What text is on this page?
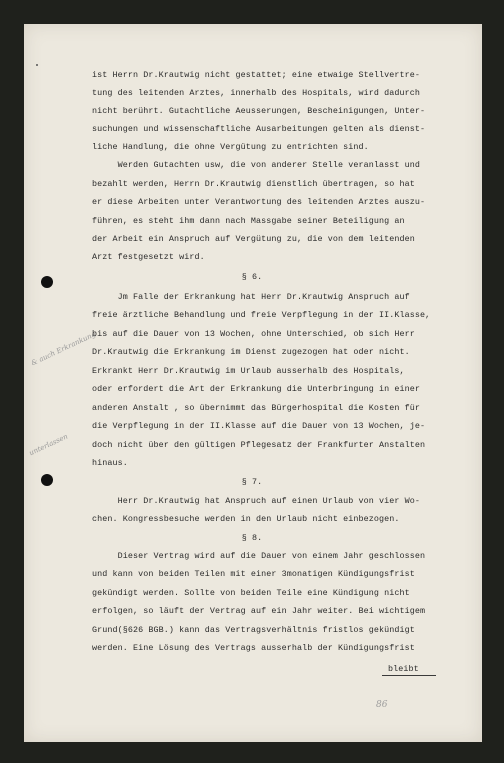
& auch Erkrankung
unterlassen
ist Herrn Dr.Krautwig nicht gestattet; eine etwaige Stellvertre-
tung des leitenden Arztes, innerhalb des Hospitals, wird dadurch
nicht berührt. Gutachtliche Aeusserungen, Bescheinigungen, Unter-
suchungen und wissenschaftliche Ausarbeitungen gelten als dienst-
liche Handlung, die ohne Vergütung zu entrichten sind.
Werden Gutachten usw, die von anderer Stelle veranlasst und
bezahlt werden, Herrn Dr.Krautwig dienstlich übertragen, so hat
er diese Arbeiten unter Verantwortung des leitenden Arztes auszu-
führen, es steht ihm dann nach Massgabe seiner Beteiligung an
der Arbeit ein Anspruch auf Vergütung zu, die von dem leitenden
Arzt festgesetzt wird.
§ 6.
Jm Falle der Erkrankung hat Herr Dr.Krautwig Anspruch auf
freie ärztliche Behandlung und freie Verpflegung in der II.Klasse,
bis auf die Dauer von 13 Wochen, ohne Unterschied, ob sich Herr
Dr.Krautwig die Erkrankung im Dienst zugezogen hat oder nicht.
Erkrankt Herr Dr.Krautwig im Urlaub ausserhalb des Hospitals,
oder erfordert die Art der Erkrankung die Unterbringung in einer
anderen Anstalt , so übernimmt das Bürgerhospital die Kosten für
die Verpflegung in der II.Klasse auf die Dauer von 13 Wochen, je-
doch nicht über den gültigen Pflegesatz der Frankfurter Anstalten
hinaus.
§ 7.
Herr Dr.Krautwig hat Anspruch auf einen Urlaub von vier Wo-
chen. Kongressbesuche werden in den Urlaub nicht einbezogen.
§ 8.
Dieser Vertrag wird auf die Dauer von einem Jahr geschlossen
und kann von beiden Teilen mit einer 3monatigen Kündigungsfrist
gekündigt werden. Sollte von beiden Teile eine Kündigung nicht
erfolgen, so läuft der Vertrag auf ein Jahr weiter. Bei wichtigem
Grund(§626 BGB.) kann das Vertragsverhältnis fristlos gekündigt
werden. Eine Lösung des Vertrags ausserhalb der Kündigungsfrist
bleibt
86
